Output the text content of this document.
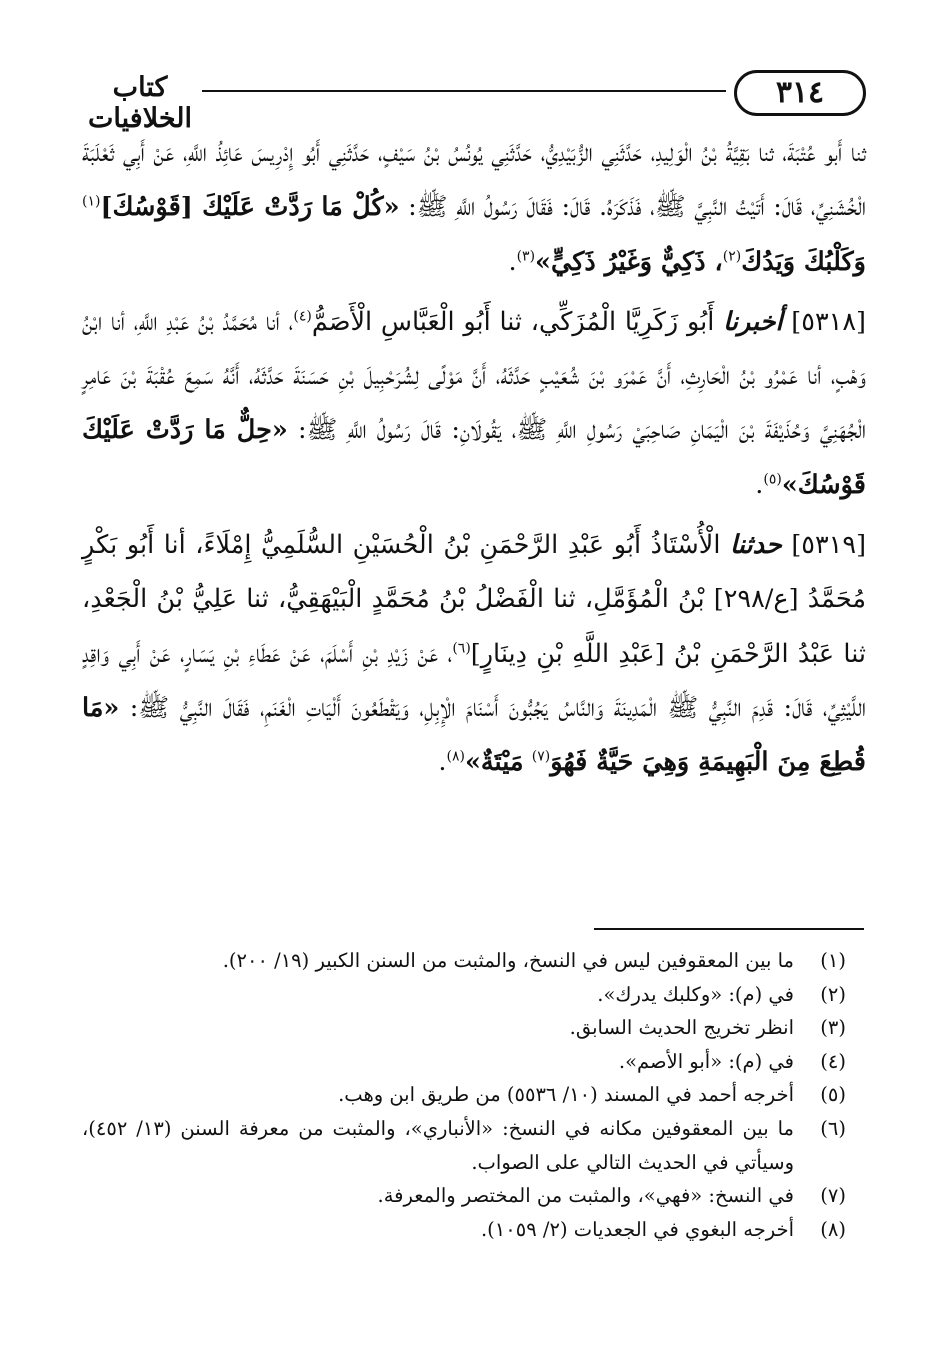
٣١٤
كتاب الخلافيات

ثنا أَبو عُتْبَةَ، ثنا بَقِيَّةُ بْنُ الْوَلِيدِ، حَدَّثَنِي الزُّبَيْدِيُّ، حَدَّثَنِي يُونُسُ بْنُ سَيْفٍ، حَدَّثَنِي أَبُو إِدْرِيسَ عَائِذُ اللَّهِ، عَنْ أَبِي ثَعْلَبَةَ الْخُشَنِيِّ، قَالَ: أَتَيْتُ النَّبِيَّ ﷺ، فَذَكَرَهُ. قَالَ: فَقَالَ رَسُولُ اللَّهِ ﷺ: «كُلْ مَا رَدَّتْ عَلَيْكَ [قَوْسُكَ]$^{(١)}$ وَكَلْبُكَ وَيَدُكَ$^{(٢)}$، ذَكِيٌّ وَغَيْرُ ذَكِيٍّ»$^{(٣)}$.

[٥٣١٨] أخبرنا أَبُو زَكَرِيَّا الْمُزَكِّي، ثنا أَبُو الْعَبَّاسِ الْأَصَمُّ$^{(٤)}$، أنا مُحَمَّدُ بْنُ عَبْدِ اللَّهِ، أنا ابْنُ وَهْبٍ، أنا عَمْرُو بْنُ الْحَارِثِ، أَنَّ عَمْرَو بْنَ شُعَيْبٍ حَدَّثَهُ، أَنَّ مَوْلًى لِشُرَحْبِيلَ بْنِ حَسَنَةَ حَدَّثَهُ، أَنَّهُ سَمِعَ عُقْبَةَ بْنَ عَامِرٍ الْجُهَنِيَّ وَحُذَيْفَةَ بْنَ الْيَمَانِ صَاحِبَيْ رَسُولِ اللَّهِ ﷺ، يَقُولَانِ: قَالَ رَسُولُ اللَّهِ ﷺ: «حِلٌّ مَا رَدَّتْ عَلَيْكَ قَوْسُكَ»$^{(٥)}$.

[٥٣١٩] حدثنا الْأُسْتَاذُ أَبُو عَبْدِ الرَّحْمَنِ بْنُ الْحُسَيْنِ السُّلَمِيُّ إِمْلَاءً، أنا أَبُو بَكْرٍ مُحَمَّدُ [ع/٢٩٨] بْنُ الْمُؤَمَّلِ، ثنا الْفَضْلُ بْنُ مُحَمَّدٍ الْبَيْهَقِيُّ، ثنا عَلِيُّ بْنُ الْجَعْدِ، ثنا عَبْدُ الرَّحْمَنِ بْنُ [عَبْدِ اللَّهِ بْنِ دِينَارٍ]$^{(٦)}$، عَنْ زَيْدِ بْنِ أَسْلَمَ، عَنْ عَطَاءِ بْنِ يَسَارٍ، عَنْ أَبِي وَاقِدٍ اللَّيْثِيِّ، قَالَ: قَدِمَ النَّبِيُّ ﷺ الْمَدِينَةَ وَالنَّاسُ يَجُبُّونَ أَسْنَامَ الْإِبِلِ، وَيَقْطَعُونَ أَلْيَاتِ الْغَنَمِ، فَقَالَ النَّبِيُّ ﷺ: «مَا قُطِعَ مِنَ الْبَهِيمَةِ وَهِيَ حَيَّةٌ فَهُوَ$^{(٧)}$ مَيْتَةٌ»$^{(٨)}$.

(١)
ما بين المعقوفين ليس في النسخ، والمثبت من السنن الكبير (١٩/ ٢٠٠).
(٢)
في (م): «وكلبك يدرك».
(٣)
انظر تخريج الحديث السابق.
(٤)
في (م): «أبو الأصم».
(٥)
أخرجه أحمد في المسند (١٠/ ٥٥٣٦) من طريق ابن وهب.
(٦)
ما بين المعقوفين مكانه في النسخ: «الأنباري»، والمثبت من معرفة السنن (١٣/ ٤٥٢)، وسيأتي في الحديث التالي على الصواب.
(٧)
في النسخ: «فهي»، والمثبت من المختصر والمعرفة.
(٨)
أخرجه البغوي في الجعديات (٢/ ١٠٥٩).
